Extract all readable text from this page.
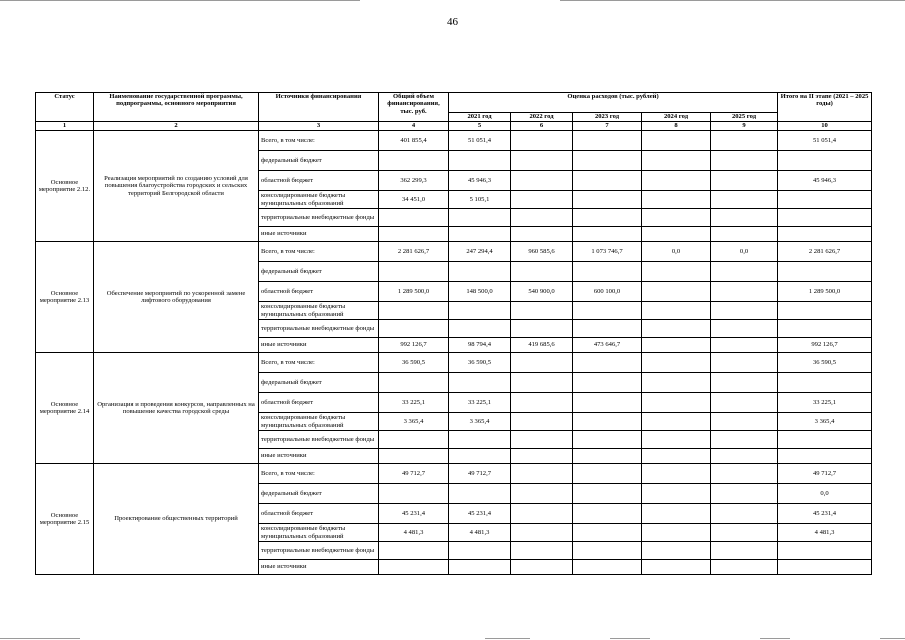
46
Статус	Наименование государственной программы, подпрограммы, основного мероприятия	Источники финансирования	Общий объем финансирования, тыс. руб.	Оценка расходов (тыс. рублей)					Итого на II этапе (2021 – 2025 годы)
				2021 год	2022 год	2023 год	2024 год	2025 год	
1	2	3	4	5	6	7	8	9	10
Основное мероприятие 2.12.	Реализация мероприятий по созданию условий для повышения благоустройства городских и сельских территорий Белгородской области	Всего, в том числе:	401 855,4	51 051,4					51 051,4
		федеральный бюджет							
		областной бюджет	362 299,3	45 946,3					45 946,3
		консолидированные бюджеты муниципальных образований	34 451,0	5 105,1					
		территориальные внебюджетные фонды							
		иные источники							
Основное мероприятие 2.13	Обеспечение мероприятий по ускоренной замене лифтового оборудования	Всего, в том числе:	2 281 626,7	247 294,4	960 585,6	1 073 746,7	0,0	0,0	2 281 626,7
		федеральный бюджет							
		областной бюджет	1 289 500,0	148 500,0	540 900,0	600 100,0			1 289 500,0
		консолидированные бюджеты муниципальных образований							
		территориальные внебюджетные фонды							
		иные источники	992 126,7	98 794,4	419 685,6	473 646,7			992 126,7
Основное мероприятие 2.14	Организация и проведения конкурсов, направленных на повышение качества городской среды	Всего, в том числе:	36 590,5	36 590,5					36 590,5
		федеральный бюджет							
		областной бюджет	33 225,1	33 225,1					33 225,1
		консолидированные бюджеты муниципальных образований	3 365,4	3 365,4					3 365,4
		территориальные внебюджетные фонды							
		иные источники							
Основное мероприятие 2.15	Проектирование общественных территорий	Всего, в том числе:	49 712,7	49 712,7					49 712,7
		федеральный бюджет							0,0
		областной бюджет	45 231,4	45 231,4					45 231,4
		консолидированные бюджеты муниципальных образований	4 481,3	4 481,3					4 481,3
		территориальные внебюджетные фонды							
		иные источники							
